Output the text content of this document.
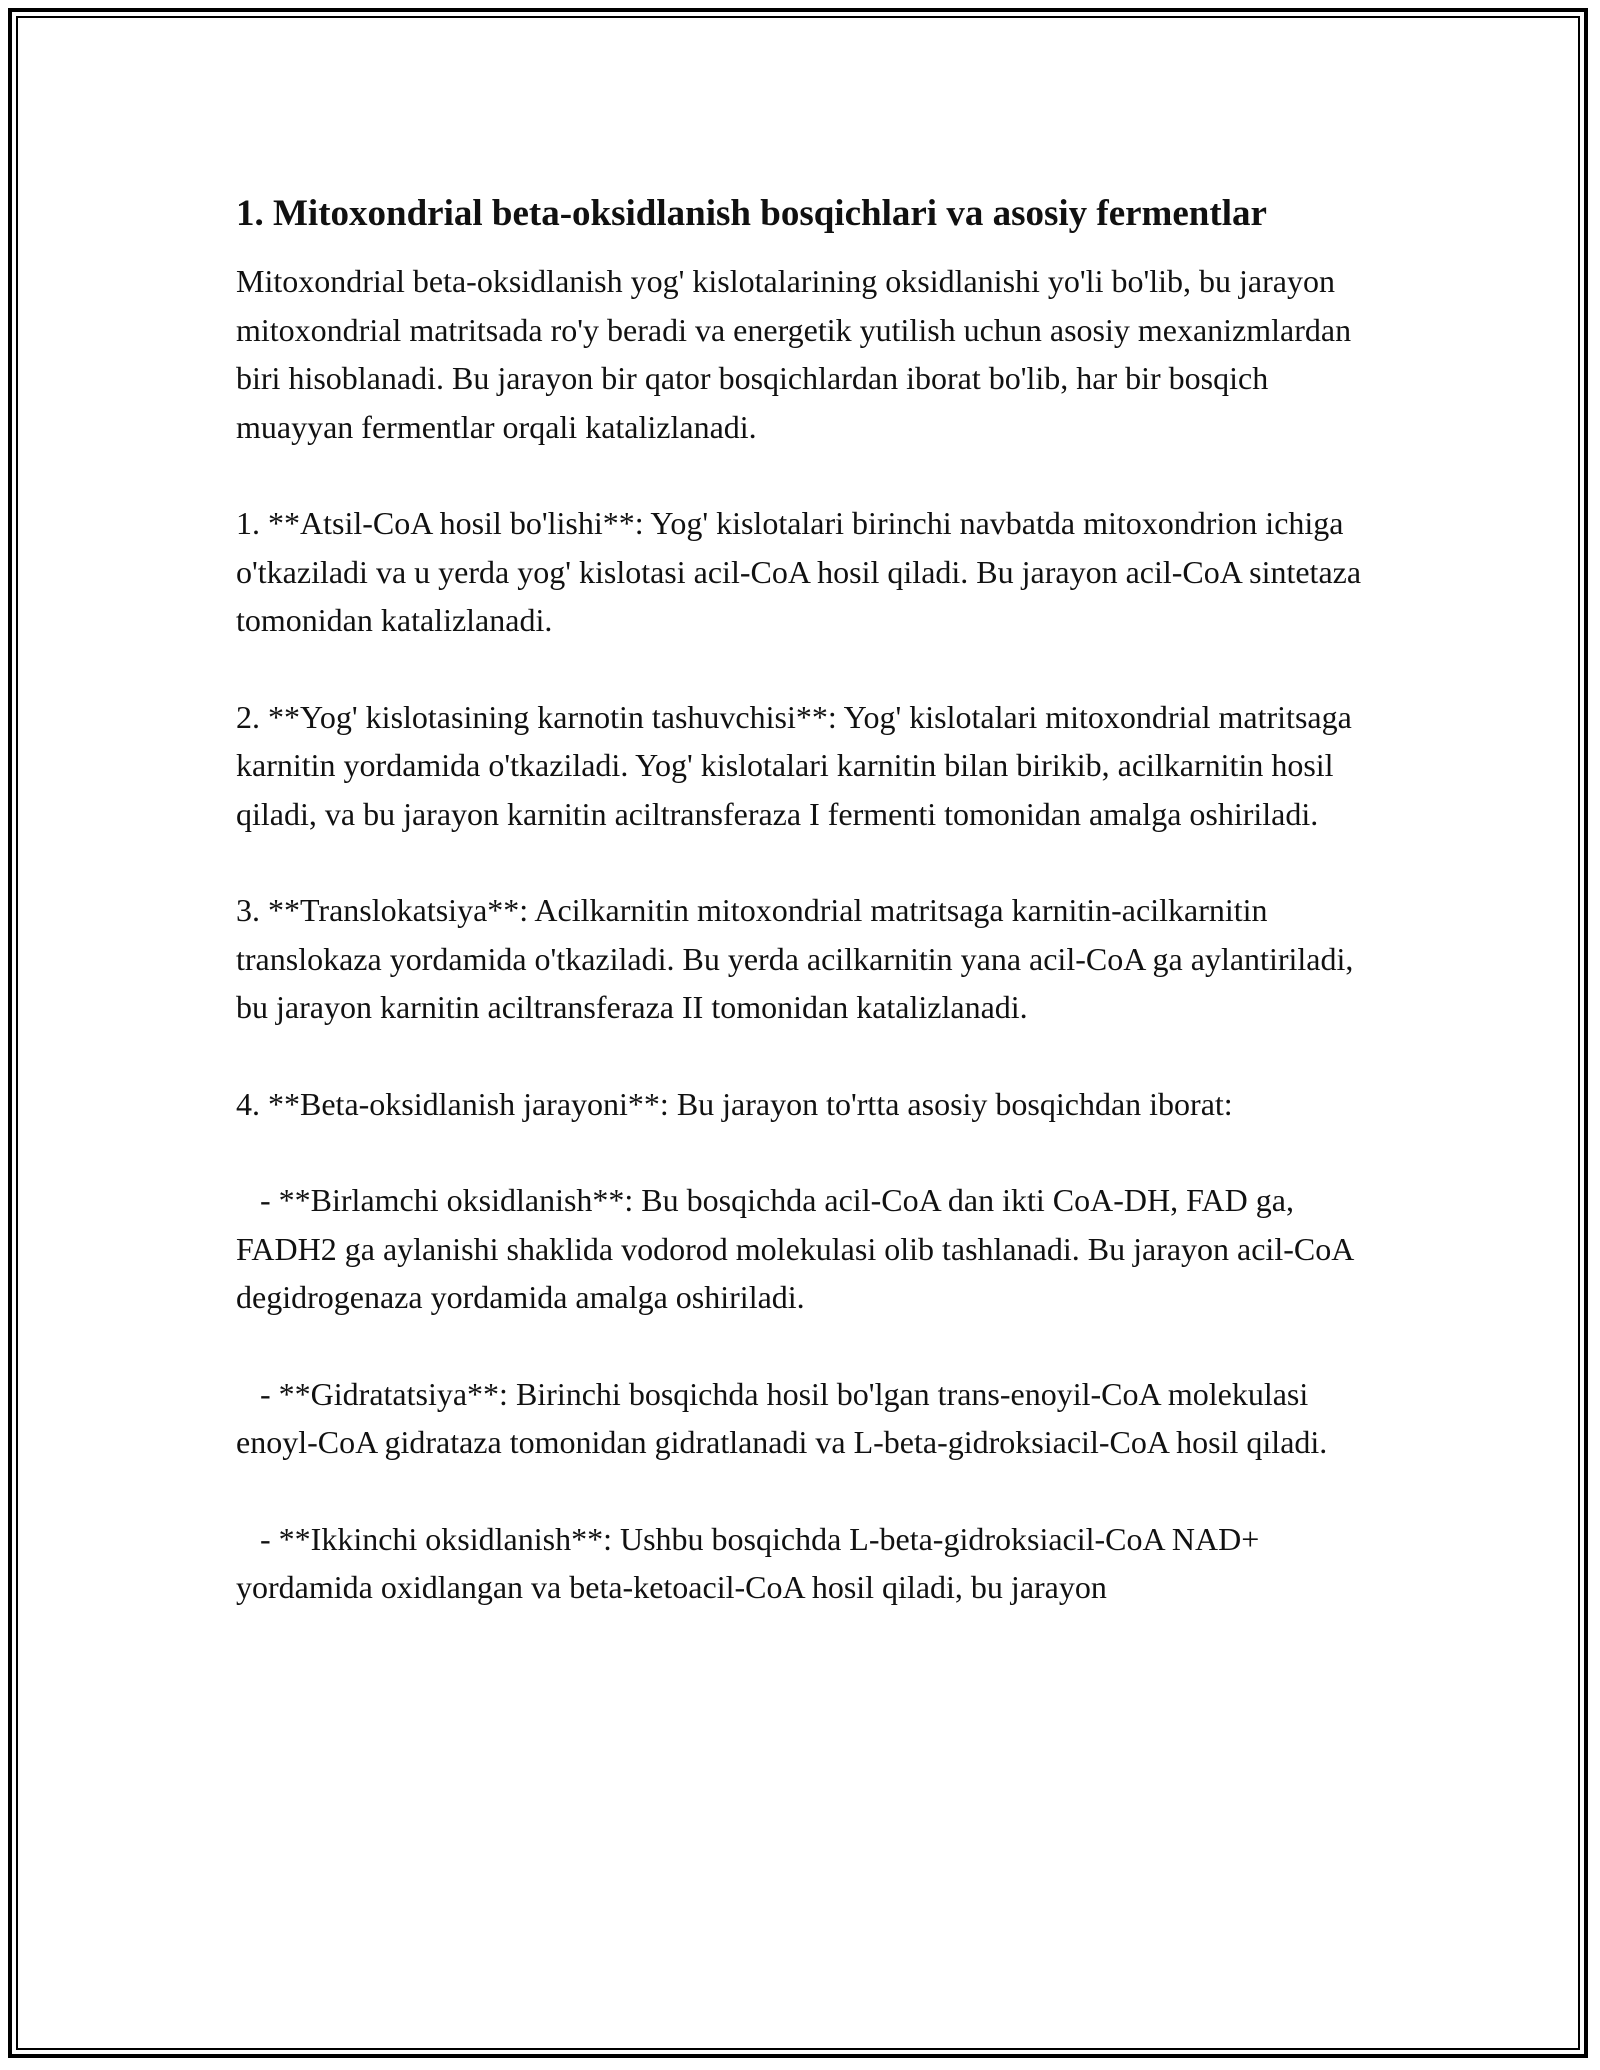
1. Mitoxondrial beta-oksidlanish bosqichlari va asosiy fermentlar

Mitoxondrial beta-oksidlanish yog' kislotalarining oksidlanishi yo'li bo'lib, bu jarayon mitoxondrial matritsada ro'y beradi va energetik yutilish uchun asosiy mexanizmlardan biri hisoblanadi. Bu jarayon bir qator bosqichlardan iborat bo'lib, har bir bosqich muayyan fermentlar orqali katalizlanadi.

1. **Atsil-CoA hosil bo'lishi**: Yog' kislotalari birinchi navbatda mitoxondrion ichiga o'tkaziladi va u yerda yog' kislotasi acil-CoA hosil qiladi. Bu jarayon acil-CoA sintetaza tomonidan katalizlanadi.

2. **Yog' kislotasining karnotin tashuvchisi**: Yog' kislotalari mitoxondrial matritsaga karnitin yordamida o'tkaziladi. Yog' kislotalari karnitin bilan birikib, acilkarnitin hosil qiladi, va bu jarayon karnitin aciltransferaza I fermenti tomonidan amalga oshiriladi.

3. **Translokatsiya**: Acilkarnitin mitoxondrial matritsaga karnitin-acilkarnitin translokaza yordamida o'tkaziladi. Bu yerda acilkarnitin yana acil-CoA ga aylantiriladi, bu jarayon karnitin aciltransferaza II tomonidan katalizlanadi.

4. **Beta-oksidlanish jarayoni**: Bu jarayon to'rtta asosiy bosqichdan iborat:

- **Birlamchi oksidlanish**: Bu bosqichda acil-CoA dan ikti CoA-DH, FAD ga, FADH2 ga aylanishi shaklida vodorod molekulasi olib tashlanadi. Bu jarayon acil-CoA degidrogenaza yordamida amalga oshiriladi.

- **Gidratatsiya**: Birinchi bosqichda hosil bo'lgan trans-enoyil-CoA molekulasi enoyl-CoA gidrataza tomonidan gidratlanadi va L-beta-gidroksiacil-CoA hosil qiladi.

- **Ikkinchi oksidlanish**: Ushbu bosqichda L-beta-gidroksiacil-CoA NAD+ yordamida oxidlangan va beta-ketoacil-CoA hosil qiladi, bu jarayon
